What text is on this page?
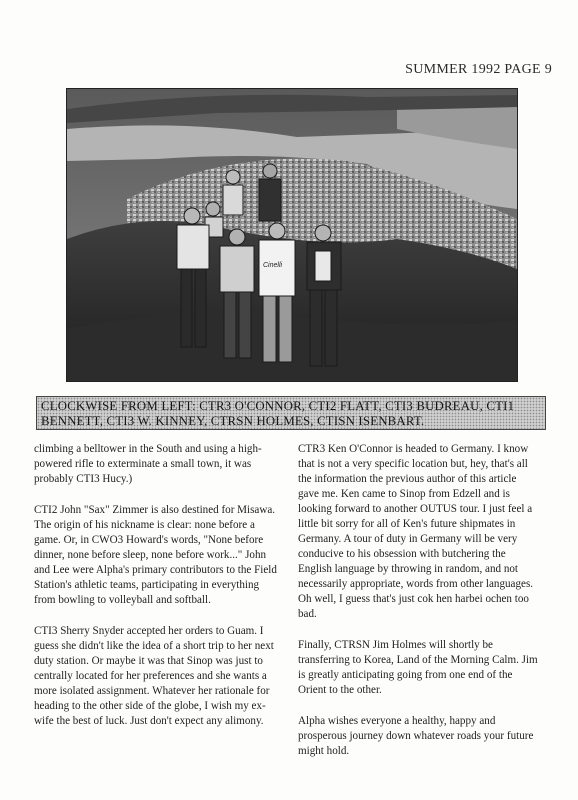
SUMMER 1992 PAGE 9
Cinelli
CLOCKWISE FROM LEFT: CTR3 O'CONNOR, CTI2 FLATT, CTI3 BUDREAU, CTI1
BENNETT, CTI3 W. KINNEY, CTRSN HOLMES, CTISN ISENBART.

climbing a belltower in the South and using a high-powered rifle to exterminate a small town, it was probably CTI3 Hucy.)

CTI2 John "Sax" Zimmer is also destined for Misawa. The origin of his nickname is clear: none before a game. Or, in CWO3 Howard's words, "None before dinner, none before sleep, none before work..." John and Lee were Alpha's primary contributors to the Field Station's athletic teams, participating in everything from bowling to volleyball and softball.

CTI3 Sherry Snyder accepted her orders to Guam. I guess she didn't like the idea of a short trip to her next duty station. Or maybe it was that Sinop was just to centrally located for her preferences and she wants a more isolated assignment. Whatever her rationale for heading to the other side of the globe, I wish my ex-wife the best of luck. Just don't expect any alimony.

CTR3 Ken O'Connor is headed to Germany. I know that is not a very specific location but, hey, that's all the information the previous author of this article gave me. Ken came to Sinop from Edzell and is looking forward to another OUTUS tour. I just feel a little bit sorry for all of Ken's future shipmates in Germany. A tour of duty in Germany will be very conducive to his obsession with butchering the English language by throwing in random, and not necessarily appropriate, words from other languages. Oh well, I guess that's just cok hen harbei ochen too bad.

Finally, CTRSN Jim Holmes will shortly be transferring to Korea, Land of the Morning Calm. Jim is greatly anticipating going from one end of the Orient to the other.

Alpha wishes everyone a healthy, happy and prosperous journey down whatever roads your future might hold.
